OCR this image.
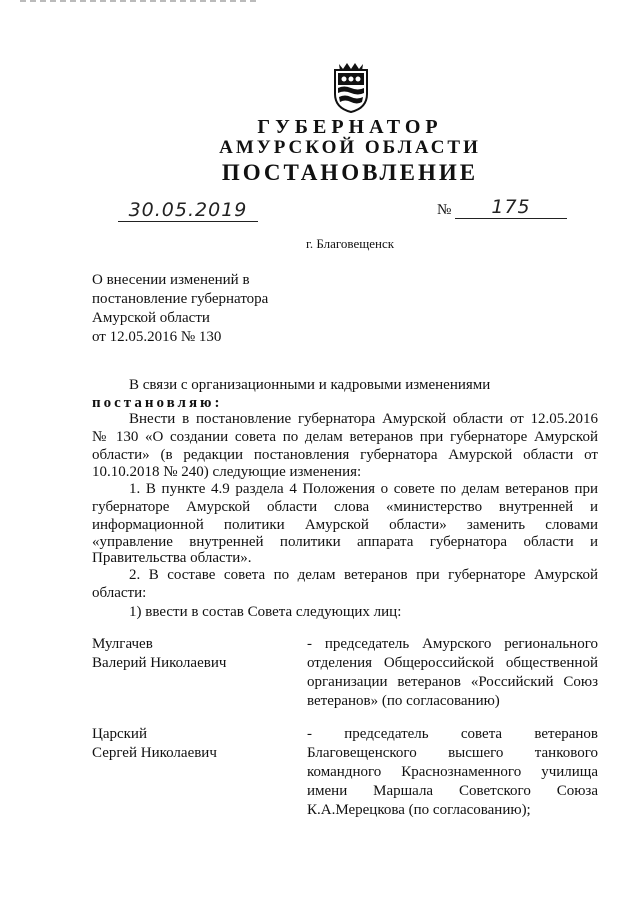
ГУБЕРНАТОР
АМУРСКОЙ ОБЛАСТИ
ПОСТАНОВЛЕНИЕ
30.05.2019	№	175
г. Благовещенск
О внесении изменений в
постановление губернатора
Амурской области
от 12.05.2016 № 130
В связи с организационными и кадровыми изменениями
постановляю:
Внести в постановление губернатора Амурской области от 12.05.2016
№ 130 «О создании совета по делам ветеранов при губернаторе Амурской
области» (в редакции постановления губернатора Амурской области от
10.10.2018 № 240) следующие изменения:
1. В пункте 4.9 раздела 4 Положения о совете по делам ветеранов при
губернаторе Амурской области слова «министерство внутренней и
информационной политики Амурской области» заменить словами
«управление внутренней политики аппарата губернатора области и
Правительства области».
2. В составе совета по делам ветеранов при губернаторе Амурской
области:
1) ввести в состав Совета следующих лиц:
Мулгачев
Валерий Николаевич
- председатель Амурского регионального
отделения Общероссийской общественной
организации ветеранов «Российский Союз
ветеранов» (по согласованию)
Царский
Сергей Николаевич
- председатель совета ветеранов
Благовещенского высшего танкового
командного Краснознаменного училища
имени Маршала Советского Союза
К.А.Мерецкова (по согласованию);
